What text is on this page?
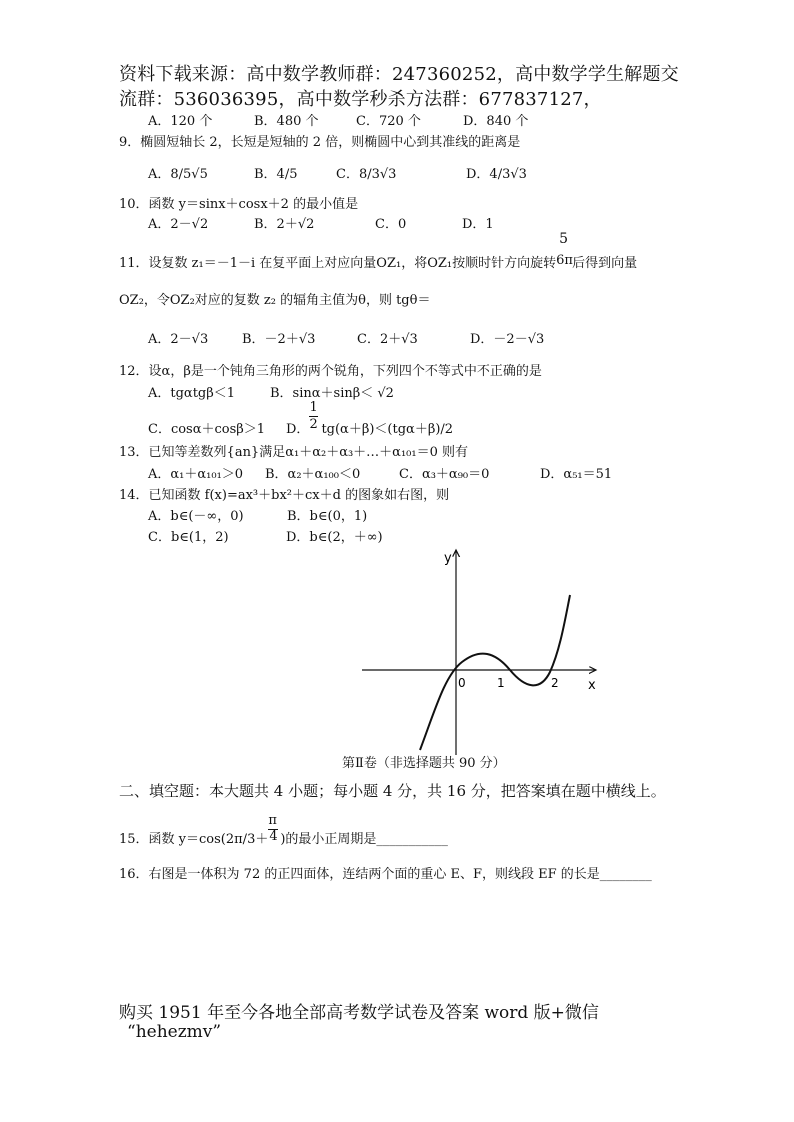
资料下载来源：高中数学教师群：247360252，高中数学学生解题交
流群：536036395，高中数学秒杀方法群：677837127，
A．120 个	B．480 个	C．720 个	D．840 个
9．椭圆短轴长 2，长短是短轴的 2 倍，则椭圆中心到其准线的距离是
A．8/5√5	B．4/5	C．8/3√3	D．4/3√3
10．函数 y＝sinx＋cosx＋2 的最小值是
A．2－√2	B．2＋√2	C．0	D．1
11．设复数 z₁＝－1－i 在复平面上对应向量OZ₁，将OZ₁按顺时针方向旋转
5
6π 后得到向量
OZ₂，令OZ₂对应的复数 z₂ 的辐角主值为θ，则 tgθ＝
A．2－√3	B．－2＋√3	C．2＋√3	D．－2－√3
12．设α，β是一个钝角三角形的两个锐角，下列四个不等式中不正确的是
A．tgαtgβ＜1	B．sinα＋sinβ＜ √2
C．cosα＋cosβ＞1 D． $\frac{1}{2} tg(\alpha+\beta)<(tg\alpha+\beta)/2$
13．已知等差数列{an}满足α₁＋α₂＋α₃＋…＋α₁₀₁＝0 则有
A．α₁＋α₁₀₁＞0 B．α₂＋α₁₀₀＜0	C．α₃＋α₉₀＝0	D．α₅₁＝51
14．已知函数 f(x)=ax³＋bx²＋cx＋d 的图象如右图，则
A．b∈(－∞，0)	B．b∈(0，1)
C．b∈(1，2)	D．b∈(2，＋∞)
y
x
0	1	2
第Ⅱ卷（非选择题共 90 分）
二、填空题：本大题共 4 小题；每小题 4 分，共 16 分，把答案填在题中横线上。
15．函数 $y=\cos(2\pi/3+ \frac{\pi}{4}$ )的最小正周期是___________
16．右图是一体积为 72 的正四面体，连结两个面的重心 E、F，则线段 EF 的长是________
购买 1951 年至今各地全部高考数学试卷及答案 word 版+微信
“hehezmv”
